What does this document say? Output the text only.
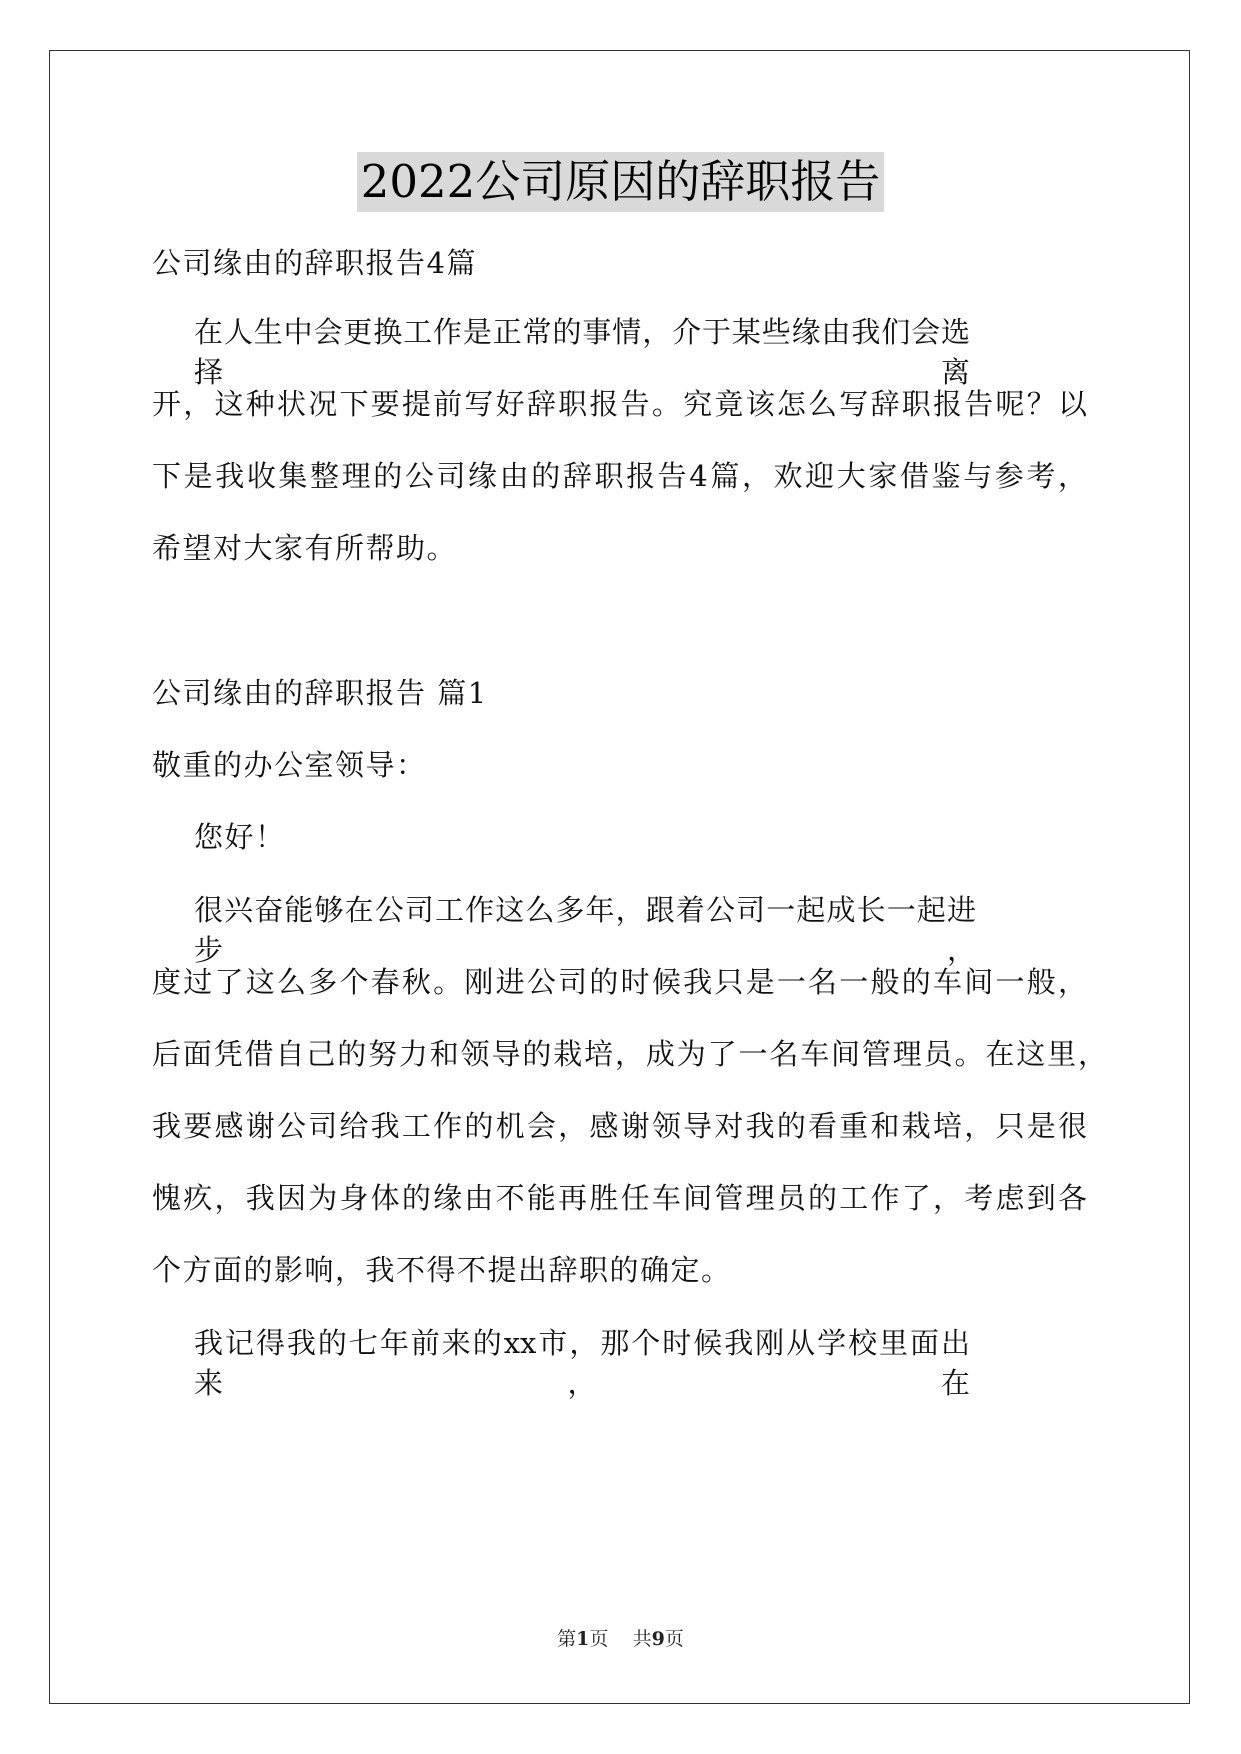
2022公司原因的辞职报告
公司缘由的辞职报告4篇
在人生中会更换工作是正常的事情，介于某些缘由我们会选择离
开，这种状况下要提前写好辞职报告。究竟该怎么写辞职报告呢？以
下是我收集整理的公司缘由的辞职报告4篇，欢迎大家借鉴与参考，
希望对大家有所帮助。
公司缘由的辞职报告 篇1
敬重的办公室领导：
您好！
很兴奋能够在公司工作这么多年，跟着公司一起成长一起进步，
度过了这么多个春秋。刚进公司的时候我只是一名一般的车间一般，
后面凭借自己的努力和领导的栽培，成为了一名车间管理员。在这里，
我要感谢公司给我工作的机会，感谢领导对我的看重和栽培，只是很
愧疚，我因为身体的缘由不能再胜任车间管理员的工作了，考虑到各
个方面的影响，我不得不提出辞职的确定。
我记得我的七年前来的xx市，那个时候我刚从学校里面出来，在
第1页 共9页
